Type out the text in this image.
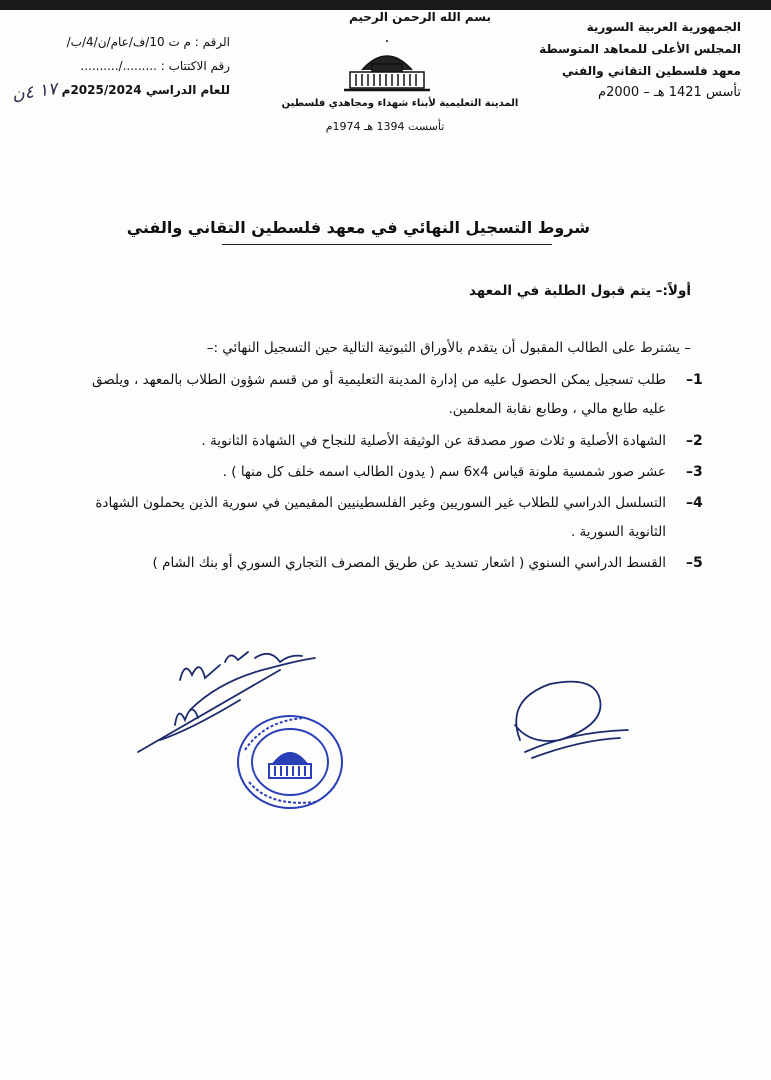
الجمهورية العربية السورية
المجلس الأعلى للمعاهد المتوسطة
معهد فلسطين التقاني والفني
تأسس 1421 هـ – 2000م
بسم الله الرحمن الرحيم
المدينة التعليمية لأبناء شهداء ومجاهدي فلسطين
تأسست 1394 هـ 1974م
الرقم : م ت 10/ف/عام/ن/4/ب/
رقم الاكتتاب : ........./..........
للعام الدراسي 2025/2024م
١٧ ٤ن
شروط التسجيل النهائي في معهد فلسطين التقاني والفني
أولاً:– يتم قبول الطلبة في المعهد
– يشترط على الطالب المقبول أن يتقدم بالأوراق الثبوتية التالية حين التسجيل النهائي :–
1–
طلب تسجيل يمكن الحصول عليه من إدارة المدينة التعليمية أو من قسم شؤون الطلاب بالمعهد ، ويلصق عليه طابع مالي ، وطابع نقابة المعلمين.
2–
الشهادة الأصلية و ثلاث صور مصدقة عن الوثيقة الأصلية للنجاح في الشهادة الثانوية .
3–
عشر صور شمسية ملونة قياس 6x4 سم ( يدون الطالب اسمه خلف كل منها ) .
4–
التسلسل الدراسي للطلاب غير السوريين وغير الفلسطينيين المقيمين في سورية الذين يحملون الشهادة الثانوية السورية .
5–
القسط الدراسي السنوي ( اشعار تسديد عن طريق المصرف التجاري السوري أو بنك الشام )
